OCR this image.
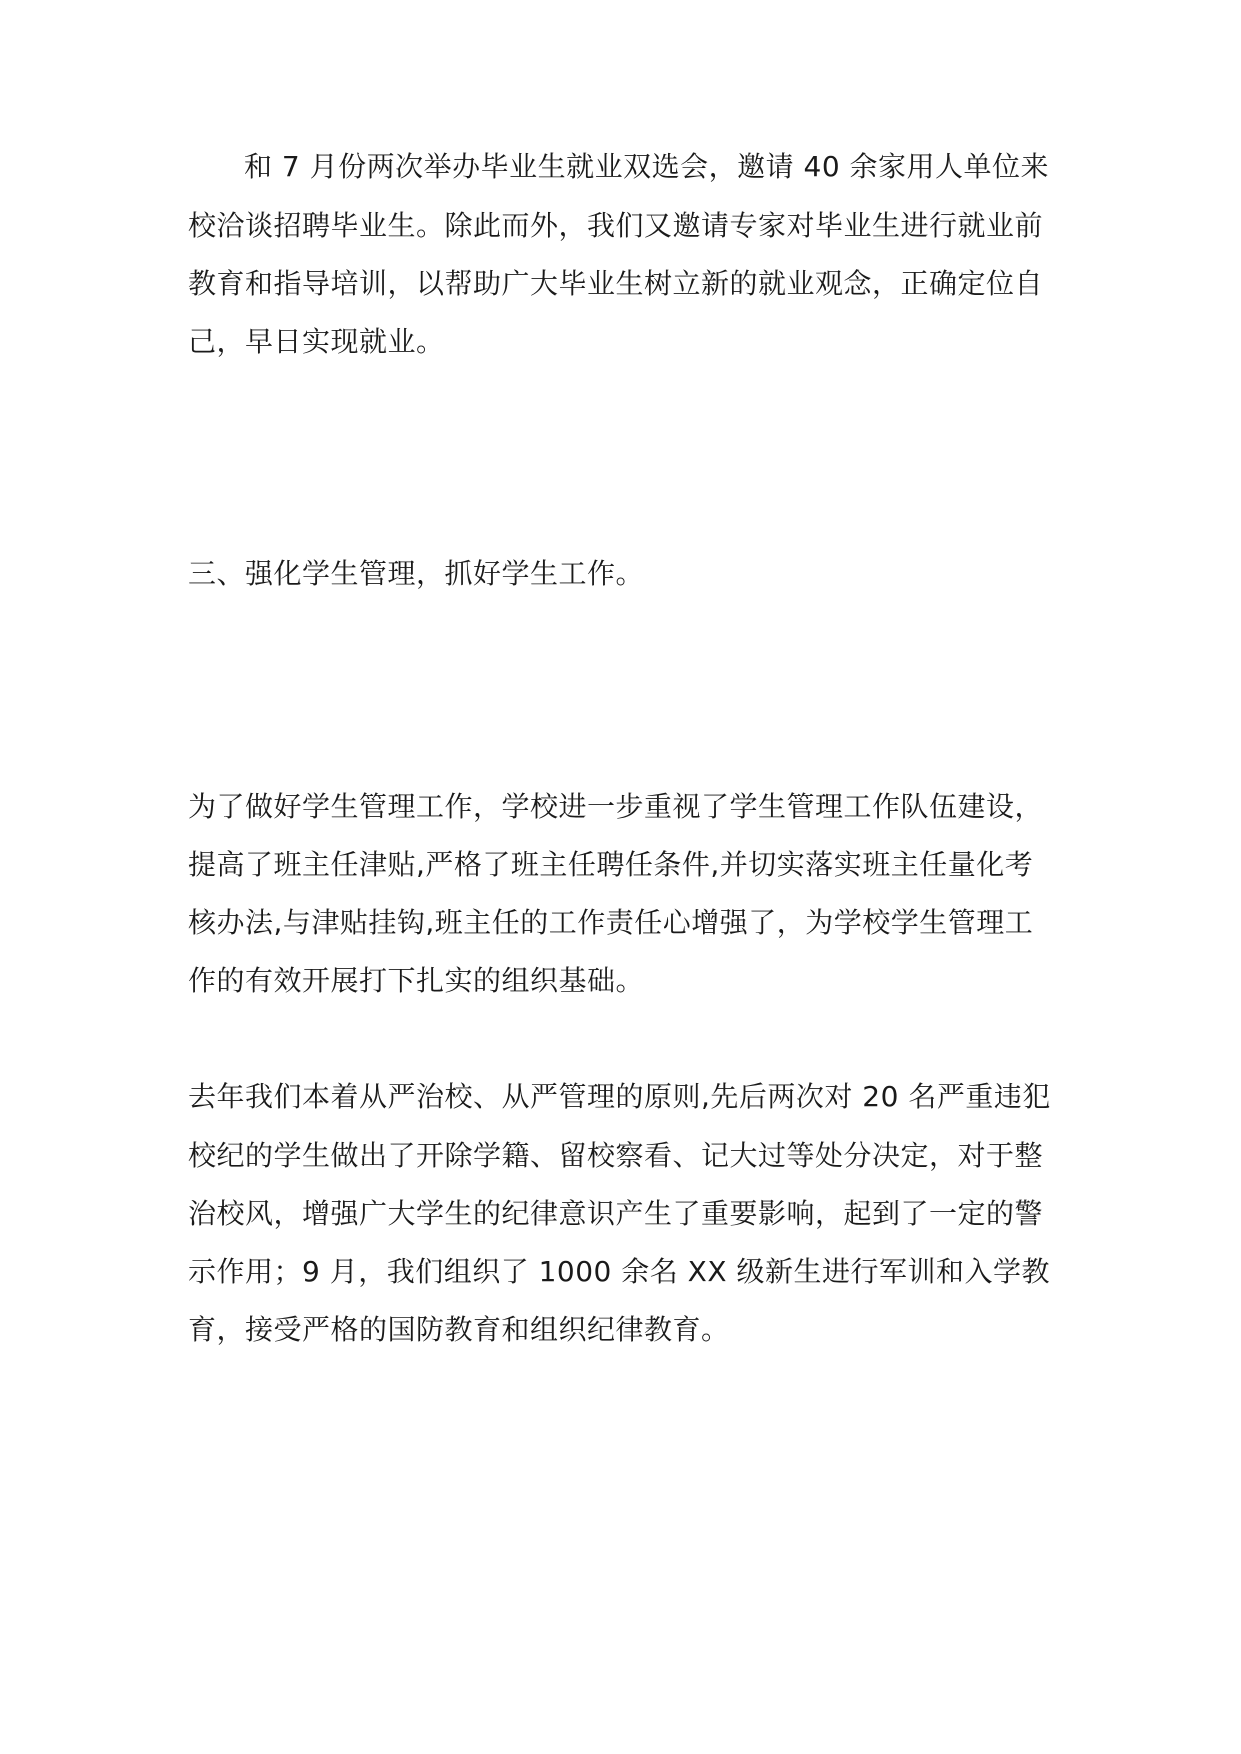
和 7 月份两次举办毕业生就业双选会，邀请 40 余家用人单位来
校洽谈招聘毕业生。除此而外，我们又邀请专家对毕业生进行就业前
教育和指导培训，以帮助广大毕业生树立新的就业观念，正确定位自
己，早日实现就业。
三、强化学生管理，抓好学生工作。
为了做好学生管理工作，学校进一步重视了学生管理工作队伍建设，
提高了班主任津贴,严格了班主任聘任条件,并切实落实班主任量化考
核办法,与津贴挂钩,班主任的工作责任心增强了，为学校学生管理工
作的有效开展打下扎实的组织基础。
去年我们本着从严治校、从严管理的原则,先后两次对 20 名严重违犯
校纪的学生做出了开除学籍、留校察看、记大过等处分决定，对于整
治校风，增强广大学生的纪律意识产生了重要影响，起到了一定的警
示作用；9 月，我们组织了 1000 余名 XX 级新生进行军训和入学教
育，接受严格的国防教育和组织纪律教育。
